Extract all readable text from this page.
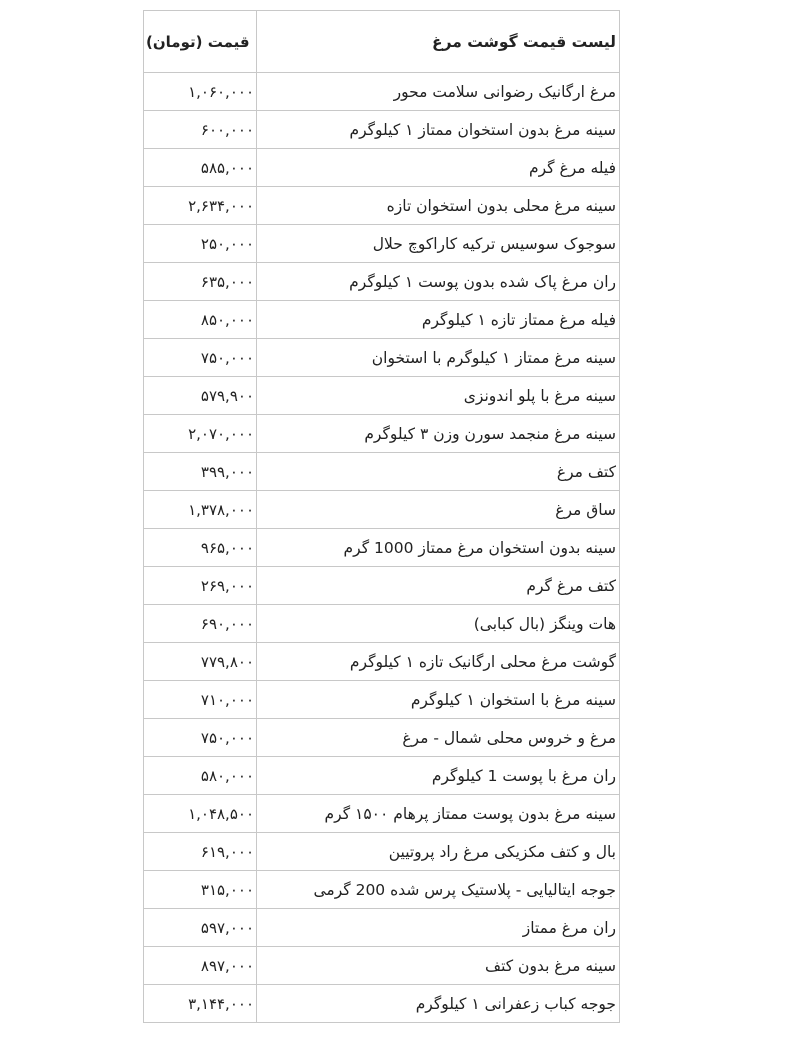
لیست قیمت گوشت مرغ	قیمت (تومان)
مرغ ارگانیک رضوانی سلامت محور	۱,۰۶۰,۰۰۰
سینه مرغ بدون استخوان ممتاز ۱ کیلوگرم	۶۰۰,۰۰۰
فیله مرغ گرم	۵۸۵,۰۰۰
سینه مرغ محلی بدون استخوان تازه	۲,۶۳۴,۰۰۰
سوجوک سوسیس ترکیه کاراکوچ حلال	۲۵۰,۰۰۰
ران مرغ پاک شده بدون پوست ۱ کیلوگرم	۶۳۵,۰۰۰
فیله مرغ ممتاز تازه ۱ کیلوگرم	۸۵۰,۰۰۰
سینه مرغ ممتاز ۱ کیلوگرم با استخوان	۷۵۰,۰۰۰
سینه مرغ با پلو اندونزی	۵۷۹,۹۰۰
سینه مرغ منجمد سورن وزن ۳ کیلوگرم	۲,۰۷۰,۰۰۰
کتف مرغ	۳۹۹,۰۰۰
ساق مرغ	۱,۳۷۸,۰۰۰
سینه بدون استخوان مرغ ممتاز 1000 گرم	۹۶۵,۰۰۰
کتف مرغ گرم	۲۶۹,۰۰۰
هات وینگز (بال کبابی)	۶۹۰,۰۰۰
گوشت مرغ محلی ارگانیک تازه ۱ کیلوگرم	۷۷۹,۸۰۰
سینه مرغ با استخوان ۱ کیلوگرم	۷۱۰,۰۰۰
مرغ و خروس محلی شمال - مرغ	۷۵۰,۰۰۰
ران مرغ با پوست 1 کیلوگرم	۵۸۰,۰۰۰
سینه مرغ بدون پوست ممتاز پرهام ۱۵۰۰ گرم	۱,۰۴۸,۵۰۰
بال و کتف مکزیکی مرغ راد پروتیین	۶۱۹,۰۰۰
جوجه ایتالیایی - پلاستیک پرس شده 200 گرمی	۳۱۵,۰۰۰
ران مرغ ممتاز	۵۹۷,۰۰۰
سینه مرغ بدون کتف	۸۹۷,۰۰۰
جوجه کباب زعفرانی ۱ کیلوگرم	۳,۱۴۴,۰۰۰
